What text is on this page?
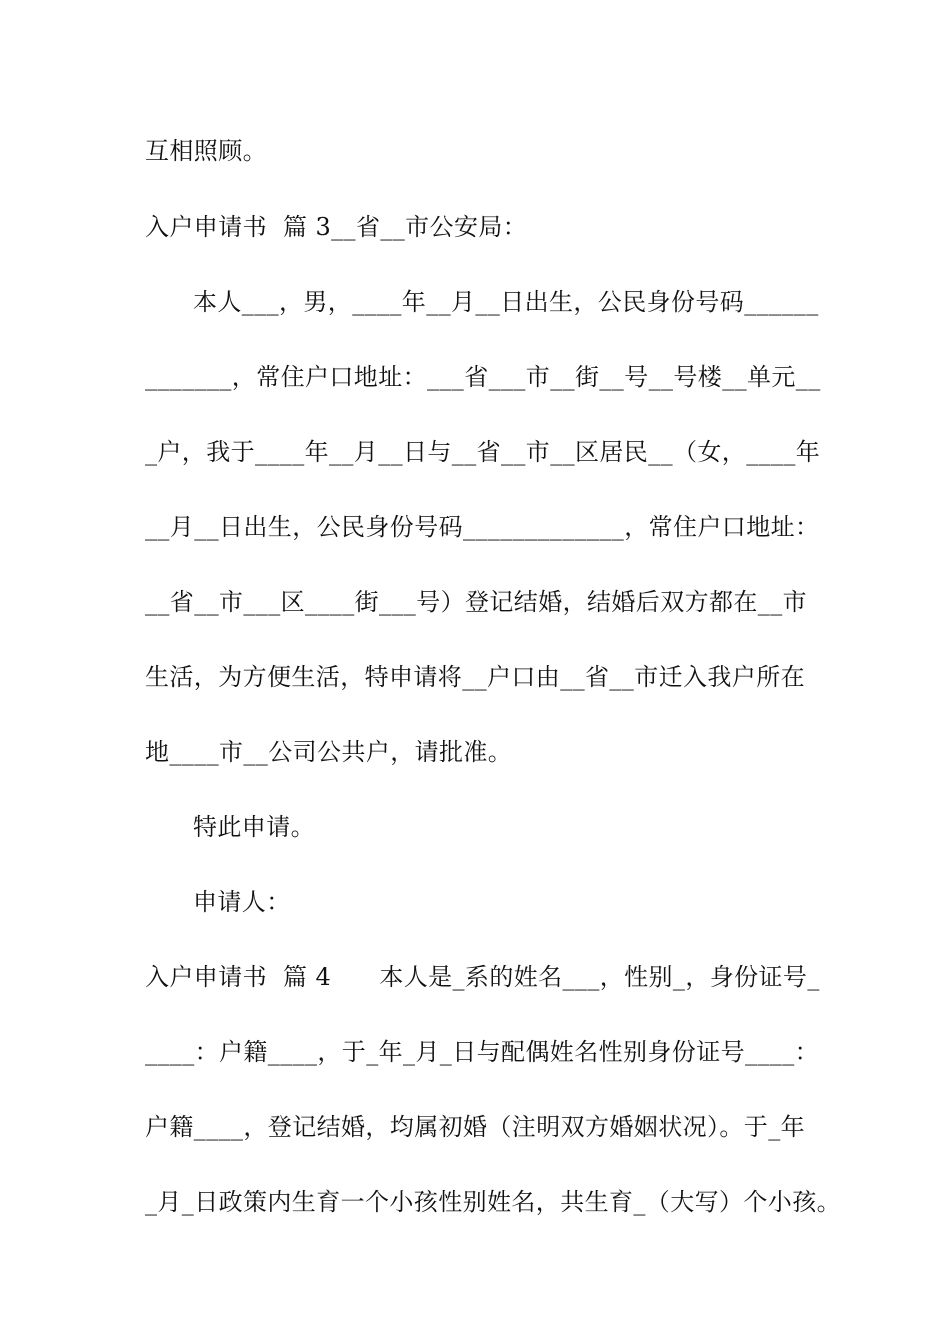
互相照顾。
入户申请书  篇 3__省__市公安局：
本人___，男，____年__月__日出生，公民身份号码______
_______，常住户口地址：___省___市__街__号__号楼__单元__
_户，我于____年__月__日与__省__市__区居民__（女，____年
__月__日出生，公民身份号码_____________，常住户口地址：
__省__市___区____街___号）登记结婚，结婚后双方都在__市
生活，为方便生活，特申请将__户口由__省__市迁入我户所在
地____市__公司公共户，请批准。
特此申请。
申请人：
入户申请书  篇 4      本人是_系的姓名___，性别_，身份证号_
____：户籍____，于_年_月_日与配偶姓名性别身份证号____：
户籍____，登记结婚，均属初婚（注明双方婚姻状况）。于_年
_月_日政策内生育一个小孩性别姓名，共生育_（大写）个小孩。
